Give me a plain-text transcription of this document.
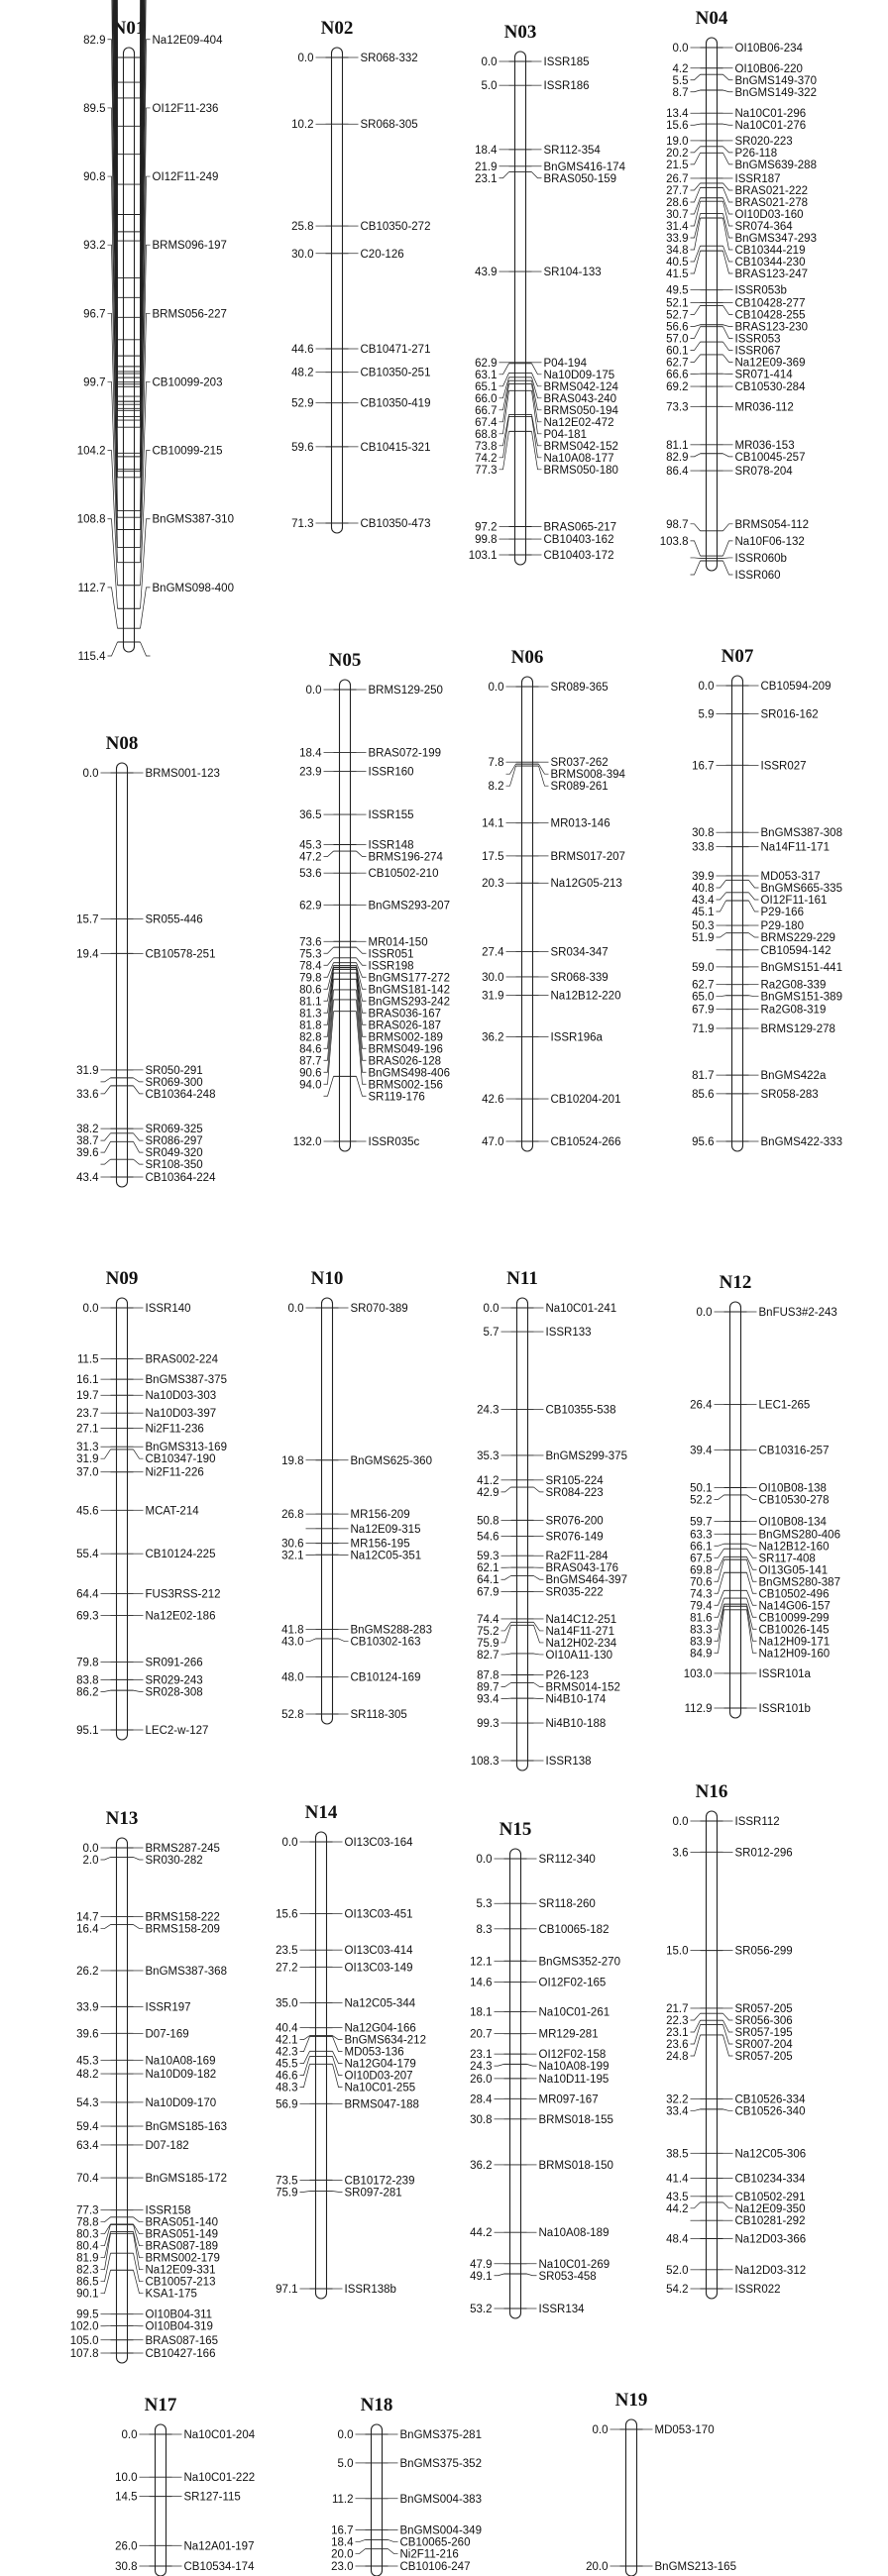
N01
82.9	Na12E09-404
89.5	OI12F11-236
90.8	OI12F11-249
93.2	BRMS096-197
96.7	BRMS056-227
99.7	CB10099-203
104.2	CB10099-215
108.8	BnGMS387-310
112.7	BnGMS098-400
115.4
N02
0.0	SR068-332
10.2	SR068-305
25.8	CB10350-272
30.0	C20-126
44.6	CB10471-271
48.2	CB10350-251
52.9	CB10350-419
59.6	CB10415-321
71.3	CB10350-473
N03
0.0	ISSR185
5.0	ISSR186
18.4	SR112-354
21.9	BnGMS416-174
23.1	BRAS050-159
43.9	SR104-133
62.9	P04-194
63.1	Na10D09-175
65.1	BRMS042-124
66.0	BRAS043-240
66.7	BRMS050-194
67.4	Na12E02-472
68.8	P04-181
73.8	BRMS042-152
74.2	Na10A08-177
77.3	BRMS050-180
97.2	BRAS065-217
99.8	CB10403-162
103.1	CB10403-172
N04
0.0	OI10B06-234
4.2	OI10B06-220
5.5	BnGMS149-370
8.7	BnGMS149-322
13.4	Na10C01-296
15.6	Na10C01-276
19.0	SR020-223
20.2	P26-118
21.5	BnGMS639-288
26.7	ISSR187
27.7	BRAS021-222
28.6	BRAS021-278
30.7	OI10D03-160
31.4	SR074-364
33.9	BnGMS347-293
34.8	CB10344-219
40.5	CB10344-230
41.5	BRAS123-247
49.5	ISSR053b
52.1	CB10428-277
52.7	CB10428-255
56.6	BRAS123-230
57.0	ISSR053
60.1	ISSR067
62.7	Na12E09-369
66.6	SR071-414
69.2	CB10530-284
73.3	MR036-112
81.1	MR036-153
82.9	CB10045-257
86.4	SR078-204
98.7	BRMS054-112
103.8	Na10F06-132
ISSR060b
ISSR060
N05
0.0	BRMS129-250
18.4	BRAS072-199
23.9	ISSR160
36.5	ISSR155
45.3	ISSR148
47.2	BRMS196-274
53.6	CB10502-210
62.9	BnGMS293-207
73.6	MR014-150
75.3	ISSR051
78.4	ISSR198
79.8	BnGMS177-272
80.6	BnGMS181-142
81.1	BnGMS293-242
81.3	BRAS036-167
81.8	BRAS026-187
82.8	BRMS002-189
84.6	BRMS049-196
87.7	BRAS026-128
90.6	BnGMS498-406
94.0	BRMS002-156
SR119-176
132.0	ISSR035c
N06
0.0	SR089-365
7.8	SR037-262
BRMS008-394
8.2	SR089-261
14.1	MR013-146
17.5	BRMS017-207
20.3	Na12G05-213
27.4	SR034-347
30.0	SR068-339
31.9	Na12B12-220
36.2	ISSR196a
42.6	CB10204-201
47.0	CB10524-266
N07
0.0	CB10594-209
5.9	SR016-162
16.7	ISSR027
30.8	BnGMS387-308
33.8	Na14F11-171
39.9	MD053-317
40.8	BnGMS665-335
43.4	OI12F11-161
45.1	P29-166
50.3	P29-180
51.9	BRMS229-229
CB10594-142
59.0	BnGMS151-441
62.7	Ra2G08-339
65.0	BnGMS151-389
67.9	Ra2G08-319
71.9	BRMS129-278
81.7	BnGMS422a
85.6	SR058-283
95.6	BnGMS422-333
N08
0.0	BRMS001-123
15.7	SR055-446
19.4	CB10578-251
31.9	SR050-291
SR069-300
33.6	CB10364-248
38.2	SR069-325
38.7	SR086-297
39.6	SR049-320
SR108-350
43.4	CB10364-224
N09
0.0	ISSR140
11.5	BRAS002-224
16.1	BnGMS387-375
19.7	Na10D03-303
23.7	Na10D03-397
27.1	Ni2F11-236
31.3	BnGMS313-169
31.9	CB10347-190
37.0	Ni2F11-226
45.6	MCAT-214
55.4	CB10124-225
64.4	FUS3RSS-212
69.3	Na12E02-186
79.8	SR091-266
83.8	SR029-243
86.2	SR028-308
95.1	LEC2-w-127
N10
0.0	SR070-389
19.8	BnGMS625-360
26.8	MR156-209
Na12E09-315
30.6	MR156-195
32.1	Na12C05-351
41.8	BnGMS288-283
43.0	CB10302-163
48.0	CB10124-169
52.8	SR118-305
N11
0.0	Na10C01-241
5.7	ISSR133
24.3	CB10355-538
35.3	BnGMS299-375
41.2	SR105-224
42.9	SR084-223
50.8	SR076-200
54.6	SR076-149
59.3	Ra2F11-284
62.1	BRAS043-176
64.1	BnGMS464-397
67.9	SR035-222
74.4	Na14C12-251
75.2	Na14F11-271
75.9	Na12H02-234
82.7	OI10A11-130
87.8	P26-123
89.7	BRMS014-152
93.4	Ni4B10-174
99.3	Ni4B10-188
108.3	ISSR138
N12
0.0	BnFUS3#2-243
26.4	LEC1-265
39.4	CB10316-257
50.1	OI10B08-138
52.2	CB10530-278
59.7	OI10B08-134
63.3	BnGMS280-406
66.1	Na12B12-160
67.5	SR117-408
69.8	OI13G05-141
70.6	BnGMS280-387
74.3	CB10502-496
79.4	Na14G06-157
81.6	CB10099-299
83.3	CB10026-145
83.9	Na12H09-171
84.9	Na12H09-160
103.0	ISSR101a
112.9	ISSR101b
N13
0.0	BRMS287-245
2.0	SR030-282
14.7	BRMS158-222
16.4	BRMS158-209
26.2	BnGMS387-368
33.9	ISSR197
39.6	D07-169
45.3	Na10A08-169
48.2	Na10D09-182
54.3	Na10D09-170
59.4	BnGMS185-163
63.4	D07-182
70.4	BnGMS185-172
77.3	ISSR158
78.8	BRAS051-140
80.3	BRAS051-149
80.4	BRAS087-189
81.9	BRMS002-179
82.3	Na12E09-331
86.5	CB10057-213
90.1	KSA1-175
99.5	OI10B04-311
102.0	OI10B04-319
105.0	BRAS087-165
107.8	CB10427-166
N14
0.0	OI13C03-164
15.6	OI13C03-451
23.5	OI13C03-414
27.2	OI13C03-149
35.0	Na12C05-344
40.4	Na12G04-166
42.1	BnGMS634-212
42.3	MD053-136
45.5	Na12G04-179
46.6	OI10D03-207
48.3	Na10C01-255
56.9	BRMS047-188
73.5	CB10172-239
75.9	SR097-281
97.1	ISSR138b
N15
0.0	SR112-340
5.3	SR118-260
8.3	CB10065-182
12.1	BnGMS352-270
14.6	OI12F02-165
18.1	Na10C01-261
20.7	MR129-281
23.1	OI12F02-158
24.3	Na10A08-199
26.0	Na10D11-195
28.4	MR097-167
30.8	BRMS018-155
36.2	BRMS018-150
44.2	Na10A08-189
47.9	Na10C01-269
49.1	SR053-458
53.2	ISSR134
N16
0.0	ISSR112
3.6	SR012-296
15.0	SR056-299
21.7	SR057-205
22.3	SR056-306
23.1	SR057-195
23.6	SR007-204
24.8	SR057-205
32.2	CB10526-334
33.4	CB10526-340
38.5	Na12C05-306
41.4	CB10234-334
43.5	CB10502-291
44.2	Na12E09-350
CB10281-292
48.4	Na12D03-366
52.0	Na12D03-312
54.2	ISSR022
N17
0.0	Na10C01-204
10.0	Na10C01-222
14.5	SR127-115
26.0	Na12A01-197
30.8	CB10534-174
N18
0.0	BnGMS375-281
5.0	BnGMS375-352
11.2	BnGMS004-383
16.7	BnGMS004-349
18.4	CB10065-260
20.0	Ni2F11-216
23.0	CB10106-247
N19
0.0	MD053-170
20.0	BnGMS213-165
